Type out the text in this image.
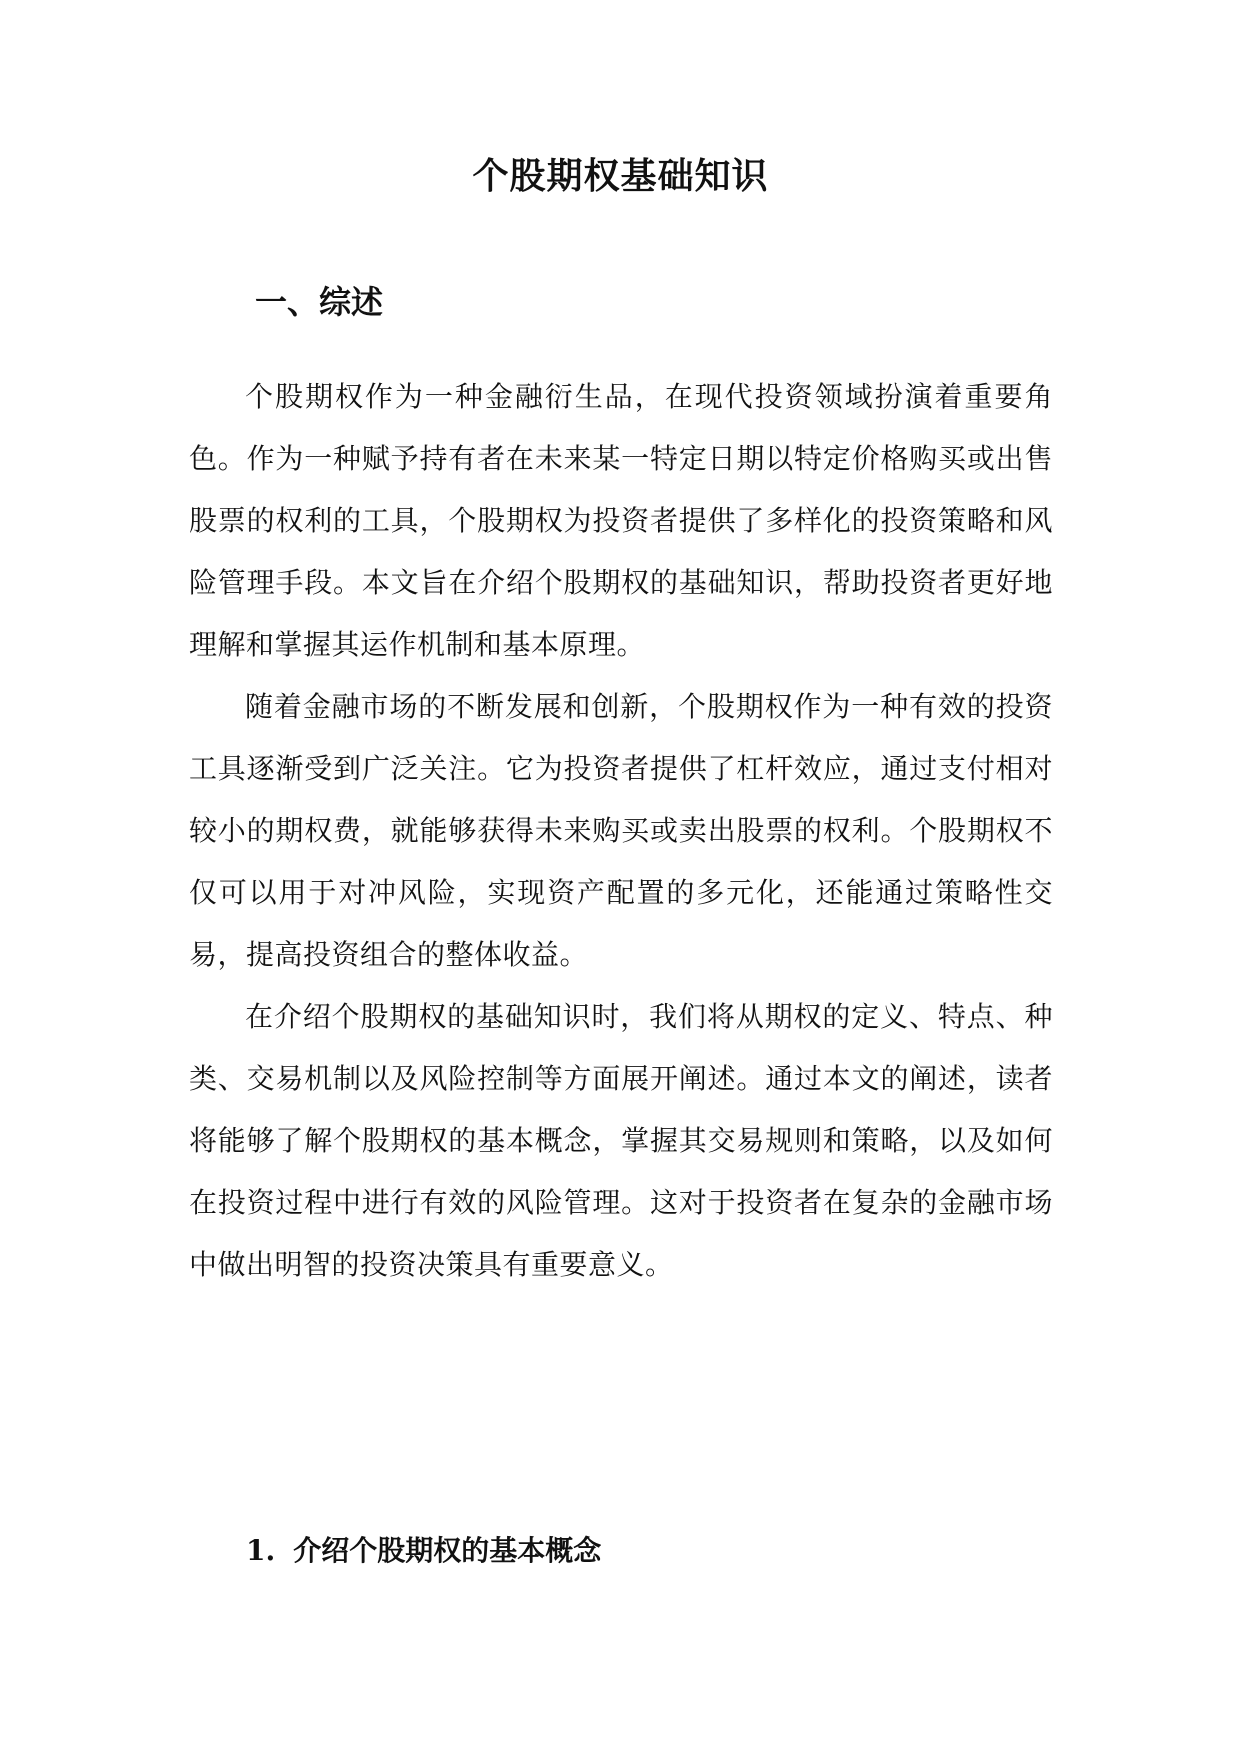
个股期权基础知识
一、综述

个股期权作为一种金融衍生品，在现代投资领域扮演着重要角色。作为一种赋予持有者在未来某一特定日期以特定价格购买或出售股票的权利的工具，个股期权为投资者提供了多样化的投资策略和风险管理手段。本文旨在介绍个股期权的基础知识，帮助投资者更好地理解和掌握其运作机制和基本原理。

随着金融市场的不断发展和创新，个股期权作为一种有效的投资工具逐渐受到广泛关注。它为投资者提供了杠杆效应，通过支付相对较小的期权费，就能够获得未来购买或卖出股票的权利。个股期权不仅可以用于对冲风险，实现资产配置的多元化，还能通过策略性交易，提高投资组合的整体收益。

在介绍个股期权的基础知识时，我们将从期权的定义、特点、种类、交易机制以及风险控制等方面展开阐述。通过本文的阐述，读者将能够了解个股期权的基本概念，掌握其交易规则和策略，以及如何在投资过程中进行有效的风险管理。这对于投资者在复杂的金融市场中做出明智的投资决策具有重要意义。

1. 介绍个股期权的基本概念
